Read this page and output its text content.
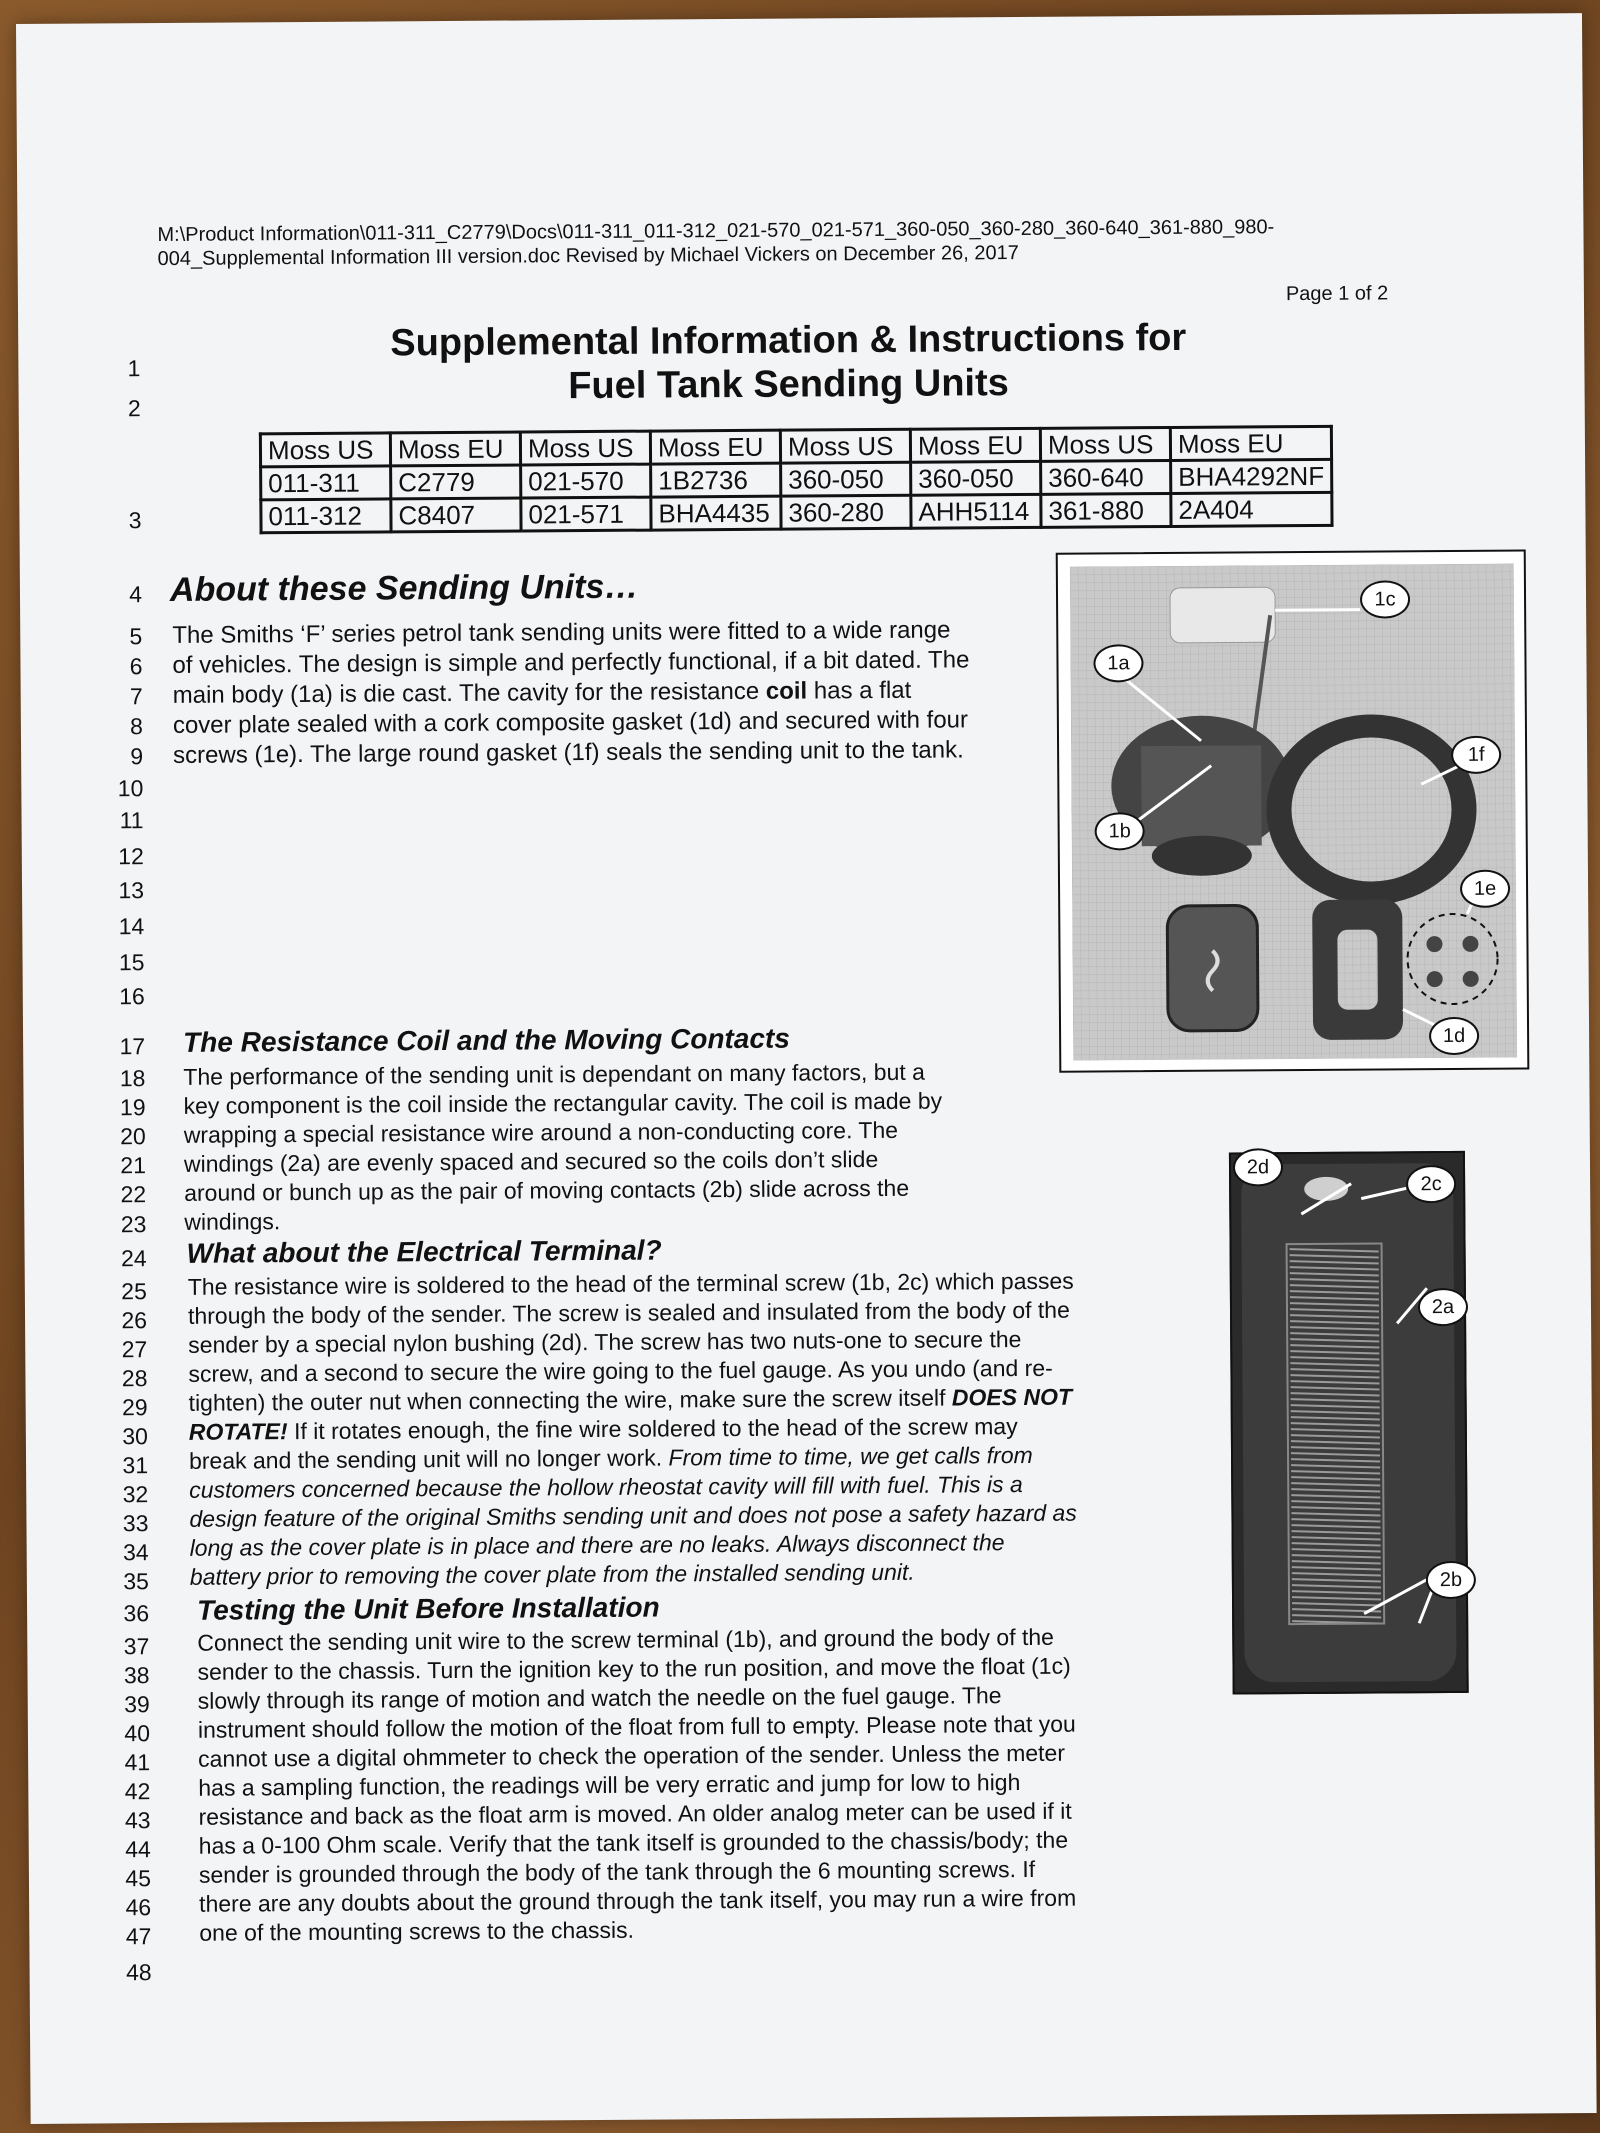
M:\Product Information\011-311_C2779\Docs\011-311_011-312_021-570_021-571_360-050_360-280_360-640_361-880_980-
004_Supplemental Information III version.doc Revised by Michael Vickers on December 26, 2017
Page 1 of 2
Supplemental Information & Instructions for
Fuel Tank Sending Units
Moss US	Moss EU	Moss US	Moss EU	Moss US	Moss EU	Moss US	Moss EU
011-311	C2779	021-570	1B2736	360-050	360-050	360-640	BHA4292NF
011-312	C8407	021-571	BHA4435	360-280	AHH5114	361-880	2A404
1
2
3
4
5
6
7
8
9
10
11
12
13
14
15
16
17
18
19
20
21
22
23
24
25
26
27
28
29
30
31
32
33
34
35
36
37
38
39
40
41
42
43
44
45
46
47
48
About these Sending Units…
The Smiths ‘F’ series petrol tank sending units were fitted to a wide range
of vehicles. The design is simple and perfectly functional, if a bit dated. The
main body (1a) is die cast. The cavity for the resistance coil has a flat
cover plate sealed with a cork composite gasket (1d) and secured with four
screws (1e). The large round gasket (1f) seals the sending unit to the tank.
1a
1b
1c
1d
1e
1f
The Resistance Coil and the Moving Contacts
The performance of the sending unit is dependant on many factors, but a
key component is the coil inside the rectangular cavity. The coil is made by
wrapping a special resistance wire around a non-conducting core. The
windings (2a) are evenly spaced and secured so the coils don’t slide
around or bunch up as the pair of moving contacts (2b) slide across the
windings.
What about the Electrical Terminal?
The resistance wire is soldered to the head of the terminal screw (1b, 2c) which passes
through the body of the sender. The screw is sealed and insulated from the body of the
sender by a special nylon bushing (2d). The screw has two nuts-one to secure the
screw, and a second to secure the wire going to the fuel gauge. As you undo (and re-
tighten) the outer nut when connecting the wire, make sure the screw itself DOES NOT
ROTATE! If it rotates enough, the fine wire soldered to the head of the screw may
break and the sending unit will no longer work. From time to time, we get calls from
customers concerned because the hollow rheostat cavity will fill with fuel. This is a
design feature of the original Smiths sending unit and does not pose a safety hazard as
long as the cover plate is in place and there are no leaks. Always disconnect the
battery prior to removing the cover plate from the installed sending unit.
2d
2c
2a
2b
Testing the Unit Before Installation
Connect the sending unit wire to the screw terminal (1b), and ground the body of the
sender to the chassis. Turn the ignition key to the run position, and move the float (1c)
slowly through its range of motion and watch the needle on the fuel gauge. The
instrument should follow the motion of the float from full to empty. Please note that you
cannot use a digital ohmmeter to check the operation of the sender. Unless the meter
has a sampling function, the readings will be very erratic and jump for low to high
resistance and back as the float arm is moved. An older analog meter can be used if it
has a 0-100 Ohm scale. Verify that the tank itself is grounded to the chassis/body; the
sender is grounded through the body of the tank through the 6 mounting screws. If
there are any doubts about the ground through the tank itself, you may run a wire from
one of the mounting screws to the chassis.
